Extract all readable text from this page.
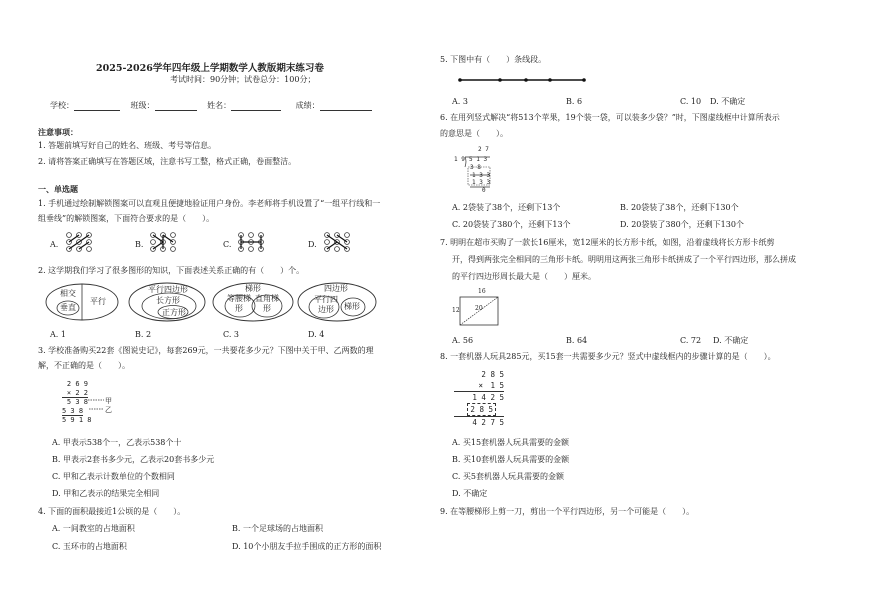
2025-2026学年四年级上学期数学人教版期末练习卷
考试时间：90分钟；试卷总分：100分；
学校：	班级：	姓名：	成绩：
注意事项：
1. 答题前填写好自己的姓名、班级、考号等信息。
2. 请将答案正确填写在答题区域，注意书写工整，格式正确，卷面整洁。
一、单选题
1. 手机通过绘制解锁图案可以直观且便捷地验证用户身份。李老师将手机设置了“一组平行线和一
组垂线”的解锁图案，下面符合要求的是（　　）。
A.	B.	C.	D.
2. 这学期我们学习了很多图形的知识，下面表述关系正确的有（　　）个。
相交
垂直
平行
平行四边形
长方形
正方形
梯形
等腰梯形
直角梯形
四边形
平行四边形	梯形
A. 1	B. 2	C. 3	D. 4
3. 学校准备购买22套《图说史记》，每套269元，一共要花多少元？下图中关于甲、乙两数的理
解，不正确的是（　　）。
2 6 9
× 2 2
5 3 8
5 3 8
5 9 1 8
甲
乙
A. 甲表示538个一，乙表示538个十
B. 甲表示2套书多少元，乙表示20套书多少元
C. 甲和乙表示计数单位的个数相同
D. 甲和乙表示的结果完全相同
4. 下面的面积最接近1公顷的是（　　）。
A. 一间教室的占地面积	B. 一个足球场的占地面积
C. 玉环市的占地面积	D. 10个小朋友手拉手围成的正方形的面积
5. 下图中有（　　）条线段。
A. 3	B. 6	C. 10 D. 不确定
6. 在用列竖式解决“将513个苹果，19个装一袋，可以装多少袋？”时，下图虚线框中计算所表示
的意思是（　　）。
2 7
1 9 5 1 3
3 8
1 3 3
1 3 3
0
A. 2袋装了38个，还剩下13个	B. 20袋装了38个，还剩下130个
C. 20袋装了380个，还剩下13个	D. 20袋装了380个，还剩下130个
7. 明明在超市买购了一款长16厘米，宽12厘米的长方形卡纸，如图，沿着虚线将长方形卡纸剪
开，得到两张完全相同的三角形卡纸。明明用这两张三角形卡纸拼成了一个平行四边形，那么拼成
的平行四边形周长最大是（　　）厘米。
16
12	20
A. 56	B. 64	C. 72 D. 不确定
8. 一套机器人玩具285元，买15套一共需要多少元？竖式中虚线框内的步骤计算的是（　　）。
2 8 5
×　1 5
1 4 2 5
2 8 5
4 2 7 5
A. 买15套机器人玩具需要的金额
B. 买10套机器人玩具需要的金额
C. 买5套机器人玩具需要的金额
D. 不确定
9. 在等腰梯形上剪一刀，剪出一个平行四边形，另一个可能是（　　）。
